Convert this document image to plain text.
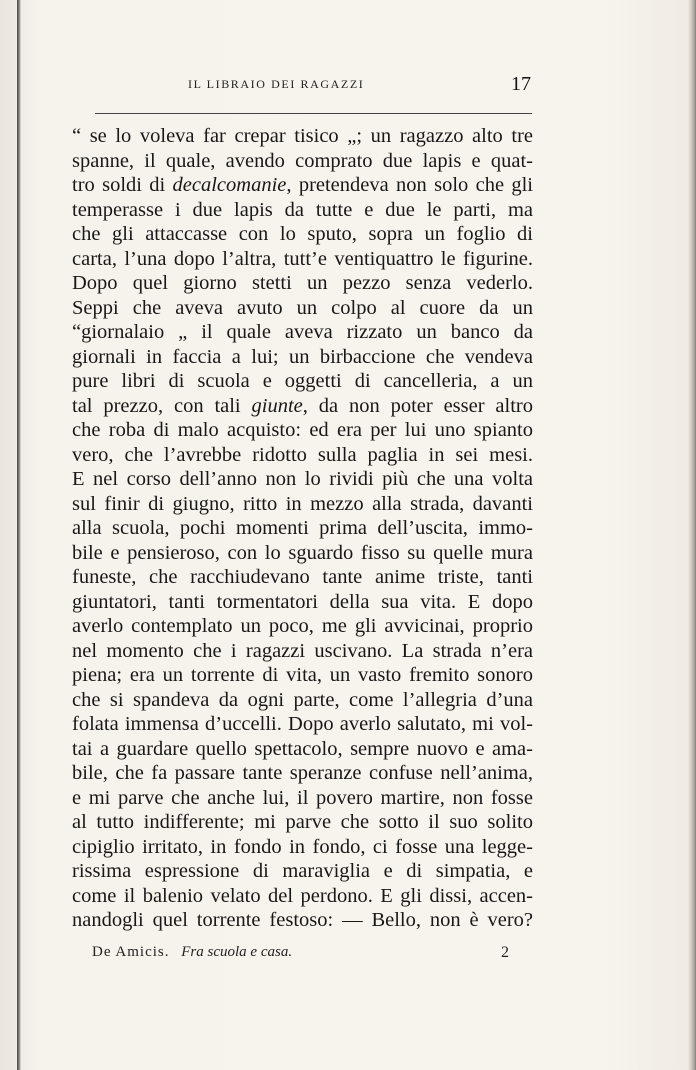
IL LIBRAIO DEI RAGAZZI	17
“ se lo voleva far crepar tisico „; un ragazzo alto tre
spanne, il quale, avendo comprato due lapis e quat-
tro soldi di decalcomanie, pretendeva non solo che gli
temperasse i due lapis da tutte e due le parti, ma
che gli attaccasse con lo sputo, sopra un foglio di
carta, l’una dopo l’altra, tutt’e ventiquattro le figurine.
Dopo quel giorno stetti un pezzo senza vederlo.
Seppi che aveva avuto un colpo al cuore da un
“giornalaio „ il quale aveva rizzato un banco da
giornali in faccia a lui; un birbaccione che vendeva
pure libri di scuola e oggetti di cancelleria, a un
tal prezzo, con tali giunte, da non poter esser altro
che roba di malo acquisto: ed era per lui uno spianto
vero, che l’avrebbe ridotto sulla paglia in sei mesi.
E nel corso dell’anno non lo rividi più che una volta
sul finir di giugno, ritto in mezzo alla strada, davanti
alla scuola, pochi momenti prima dell’uscita, immo-
bile e pensieroso, con lo sguardo fisso su quelle mura
funeste, che racchiudevano tante anime triste, tanti
giuntatori, tanti tormentatori della sua vita. E dopo
averlo contemplato un poco, me gli avvicinai, proprio
nel momento che i ragazzi uscivano. La strada n’era
piena; era un torrente di vita, un vasto fremito sonoro
che si spandeva da ogni parte, come l’allegria d’una
folata immensa d’uccelli. Dopo averlo salutato, mi vol-
tai a guardare quello spettacolo, sempre nuovo e ama-
bile, che fa passare tante speranze confuse nell’anima,
e mi parve che anche lui, il povero martire, non fosse
al tutto indifferente; mi parve che sotto il suo solito
cipiglio irritato, in fondo in fondo, ci fosse una legge-
rissima espressione di maraviglia e di simpatia, e
come il balenio velato del perdono. E gli dissi, accen-
nandogli quel torrente festoso: — Bello, non è vero?
De Amicis. Fra scuola e casa.	2
